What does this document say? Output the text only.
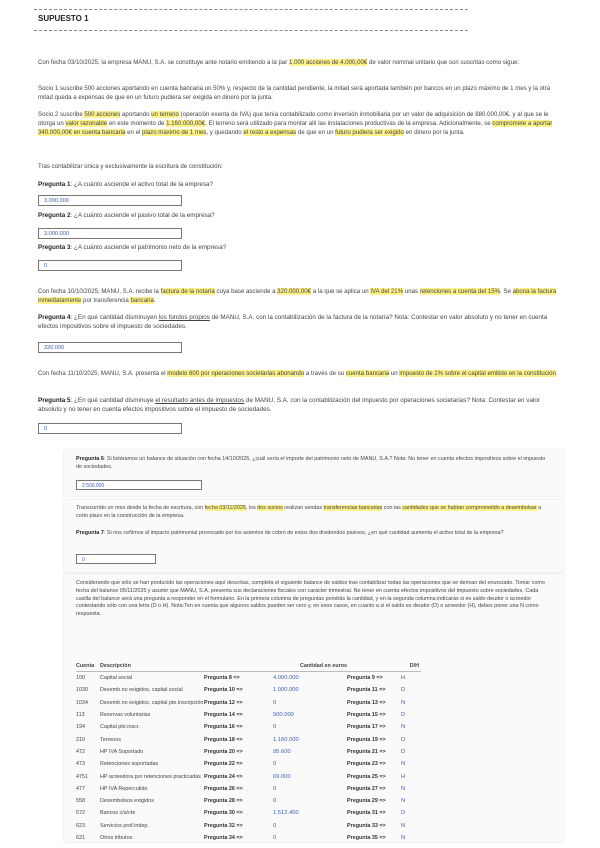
SUPUESTO 1

Con fecha 03/10/2025, la empresa MANU, S.A. se constituye ante notario emitiendo a la par 1.000 acciones de 4.000,00€ de valor nominal unitario que son suscritas como sigue:

Socio 1 suscribe 500 acciones aportando en cuenta bancaria un 50% y, respecto de la cantidad pendiente, la mitad será aportada también por bancos en un plazo máximo de 1 mes y la otra mitad queda a expensas de que en un futuro pudiera ser exigida en dinero por la junta.

Socio 2 suscribe 500 acciones aportando un terreno (operación exenta de IVA) que tenía contabilizado como inversión inmobiliaria por un valor de adquisición de 880.000,00€, y al que se le otorga un valor razonable en este momento de 1.160.000,00€. El terreno será utilizado para montar allí las instalaciones productivas de la empresa. Adicionalmente, se compromete a aportar 340.000,00€ en cuenta bancaria en el plazo máximo de 1 mes, y quedando el resto a expensas de que en un futuro pudiera ser exigido en dinero por la junta.

Tras contabilizar única y exclusivamente la escritura de constitución:

Pregunta 1: ¿A cuánto asciende el activo total de la empresa?

3.000.000

Pregunta 2: ¿A cuánto asciende el pasivo total de la empresa?

3.000.000

Pregunta 3: ¿A cuánto asciende el patrimonio neto de la empresa?

0

Con fecha 10/10/2025, MANU, S.A. recibe la factura de la notaría cuya base asciende a 320.000,00€ a la que se aplica un IVA del 21% unas retenciones a cuenta del 15%. Se abona la factura inmediatamente por transferencia bancaria.

Pregunta 4: ¿En qué cantidad disminuyen los fondos propios de MANU, S.A. con la contabilización de la factura de la notaría? Nota: Contestar en valor absoluto y no tener en cuenta efectos impositivos sobre el impuesto de sociedades.

320.000

Con fecha 11/10/2025, MANU, S.A. presenta el modelo 600 por operaciones societarias abonando a través de su cuenta bancaria un impuesto de 1% sobre el capital emitido en la constitución.

Pregunta 5: ¿En qué cantidad disminuye el resultado antes de impuestos de MANU, S.A. con la contabilización del impuesto por operaciones societarias? Nota: Contestar en valor absoluto y no tener en cuenta efectos impositivos sobre el impuesto de sociedades.

0

Pregunta 6: Si listáramos un balance de situación con fecha 14/10/2025, ¿cuál sería el importe del patrimonio neto de MANU, S.A.? Nota: No tener en cuenta efectos impositivos sobre el impuesto de sociedades.

2.500.000

Transcurrido un mes desde la fecha de escritura, con fecha 03/11/2025, los dos socios realizan sendas transferencias bancarias con las cantidades que se habían comprometido a desembolsar a corto plazo en la construcción de la empresa.

Pregunta 7: Si nos ceñimos al impacto patrimonial provocado por los asientos de cobro de estos dos dividendos pasivos, ¿en qué cantidad aumenta el activo total de la empresa?

0

Considerando que sólo se han producido las operaciones aquí descritas, completa el siguiente balance de saldos tras contabilizar todas las operaciones que se derivan del enunciado. Tomar como fecha del balance 05/11/2025 y asumir que MANU, S.A. presenta sus declaraciones fiscales con carácter trimestral. No tener en cuenta efectos impositivos del impuesto sobre sociedades. Cada casilla del balance será una pregunta a responder en el formulario. En la primera columna de preguntas pondrás la cantidad, y en la segunda columna indicarás si es saldo deudor o acreedor contestando sólo con una letra (D o H). Nota:Ten en cuenta que algunos saldos pueden ser cero y, en esos casos, en cuanto a si el saldo es deudor (D) o acreedor (H), debes poner una N como respuesta.

Cuenta	Descripción	Cantidad en euros		D/H	
100	Capital social	Pregunta 8 =>	4.000.000	Pregunta 9 =>	H
1030	Desemb.no exigidos, capital social	Pregunta 10 =>	1.000.000	Pregunta 11 =>	D
1034	Desemb.no exigidos, capital pte.inscripción	Pregunta 12 =>	0	Pregunta 13 =>	N
113	Reservas voluntarias	Pregunta 14 =>	500.000	Pregunta 15 =>	D
194	Capital pte.inscr.	Pregunta 16 =>	0	Pregunta 17 =>	N
210	Terrenos	Pregunta 18 =>	1.160.000	Pregunta 19 =>	D
472	HP IVA Soportado	Pregunta 20 =>	95.600	Pregunta 21 =>	D
473	Retenciones soportadas	Pregunta 22 =>	0	Pregunta 23 =>	N
4751	HP acreedora por retenciones practicadas	Pregunta 24 =>	69.000	Pregunta 25 =>	H
477	HP IVA Repercutido	Pregunta 26 =>	0	Pregunta 27 =>	N
558	Desembolsos exigidos	Pregunta 28 =>	0	Pregunta 29 =>	N
572	Bancos c/a/cte	Pregunta 30 =>	1.512.400	Pregunta 31 =>	D
623	Servicios prof.indep.	Pregunta 32 =>	0	Pregunta 33 =>	N
631	Otros tributos	Pregunta 34 =>	0	Pregunta 35 =>	N
